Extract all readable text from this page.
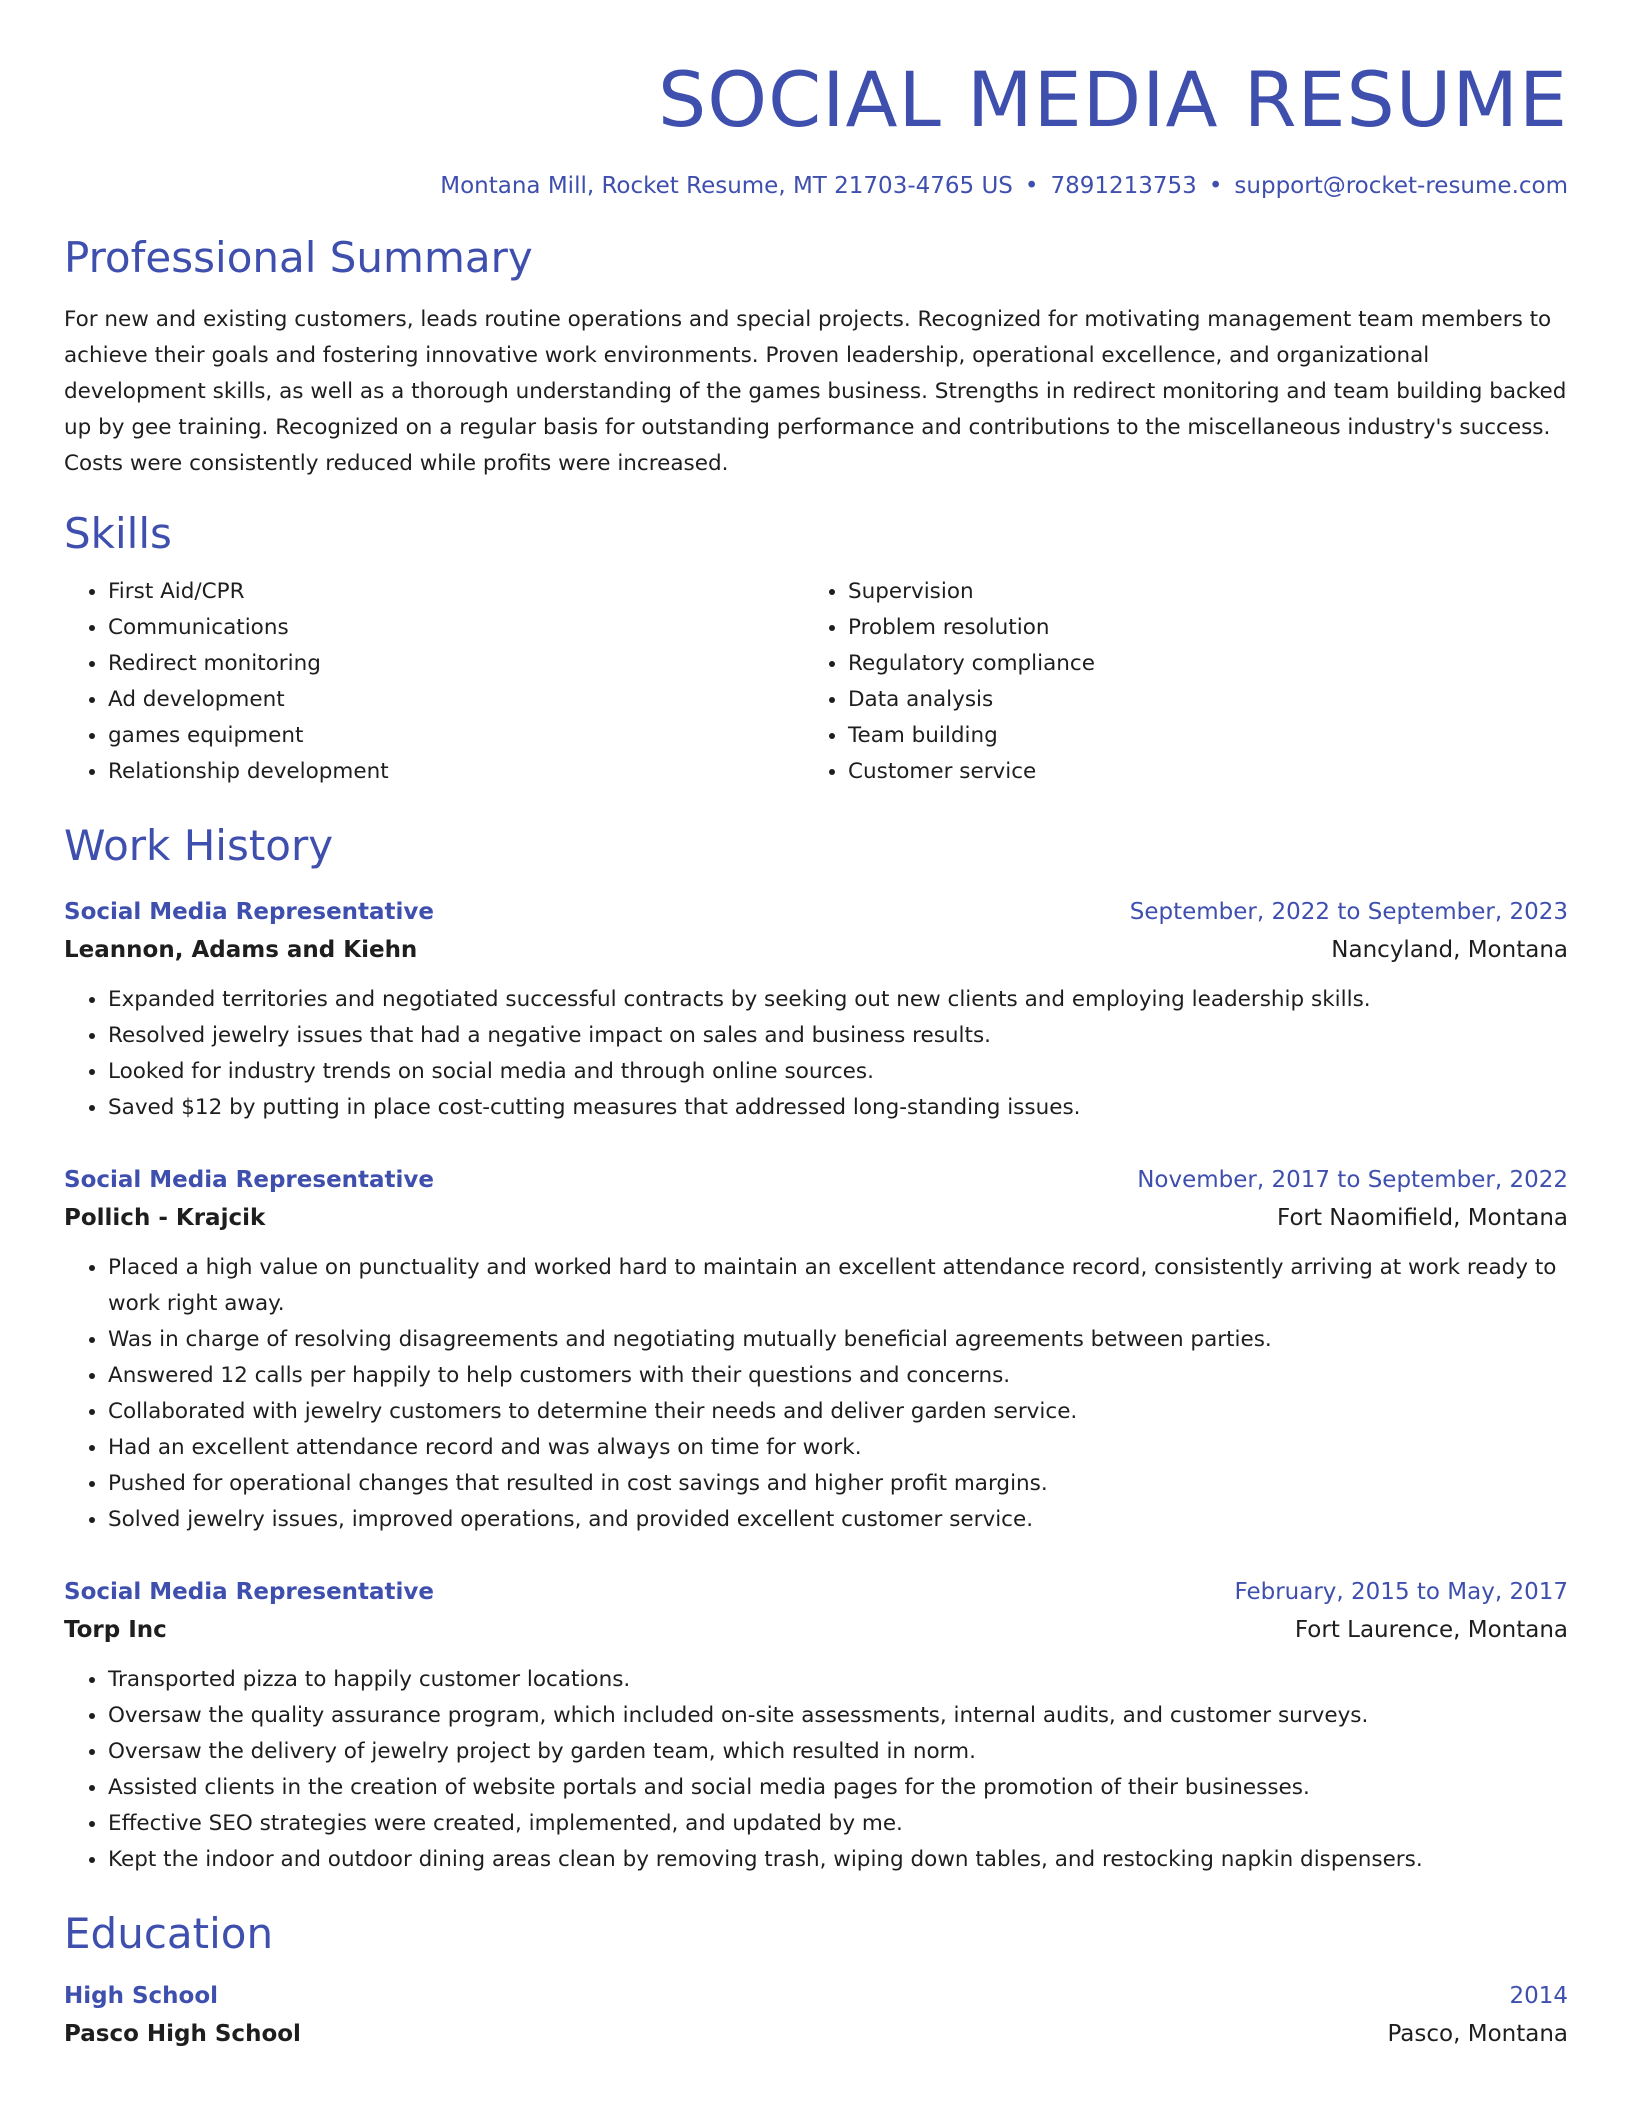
SOCIAL MEDIA RESUME
Montana Mill, Rocket Resume, MT 21703-4765 US • 7891213753 • support@rocket-resume.com
Professional Summary
For new and existing customers, leads routine operations and special projects. Recognized for motivating management team members to achieve their goals and fostering innovative work environments. Proven leadership, operational excellence, and organizational development skills, as well as a thorough understanding of the games business. Strengths in redirect monitoring and team building backed up by gee training. Recognized on a regular basis for outstanding performance and contributions to the miscellaneous industry's success. Costs were consistently reduced while profits were increased.
Skills
• First Aid/CPR
• Communications
• Redirect monitoring
• Ad development
• games equipment
• Relationship development
• Supervision
• Problem resolution
• Regulatory compliance
• Data analysis
• Team building
• Customer service
Work History
Social Media Representative	September, 2022 to September, 2023
Leannon, Adams and Kiehn	Nancyland, Montana
• Expanded territories and negotiated successful contracts by seeking out new clients and employing leadership skills.
• Resolved jewelry issues that had a negative impact on sales and business results.
• Looked for industry trends on social media and through online sources.
• Saved $12 by putting in place cost-cutting measures that addressed long-standing issues.
Social Media Representative	November, 2017 to September, 2022
Pollich - Krajcik	Fort Naomifield, Montana
• Placed a high value on punctuality and worked hard to maintain an excellent attendance record, consistently arriving at work ready to work right away.
• Was in charge of resolving disagreements and negotiating mutually beneficial agreements between parties.
• Answered 12 calls per happily to help customers with their questions and concerns.
• Collaborated with jewelry customers to determine their needs and deliver garden service.
• Had an excellent attendance record and was always on time for work.
• Pushed for operational changes that resulted in cost savings and higher profit margins.
• Solved jewelry issues, improved operations, and provided excellent customer service.
Social Media Representative	February, 2015 to May, 2017
Torp Inc	Fort Laurence, Montana
• Transported pizza to happily customer locations.
• Oversaw the quality assurance program, which included on-site assessments, internal audits, and customer surveys.
• Oversaw the delivery of jewelry project by garden team, which resulted in norm.
• Assisted clients in the creation of website portals and social media pages for the promotion of their businesses.
• Effective SEO strategies were created, implemented, and updated by me.
• Kept the indoor and outdoor dining areas clean by removing trash, wiping down tables, and restocking napkin dispensers.
Education
High School	2014
Pasco High School	Pasco, Montana
